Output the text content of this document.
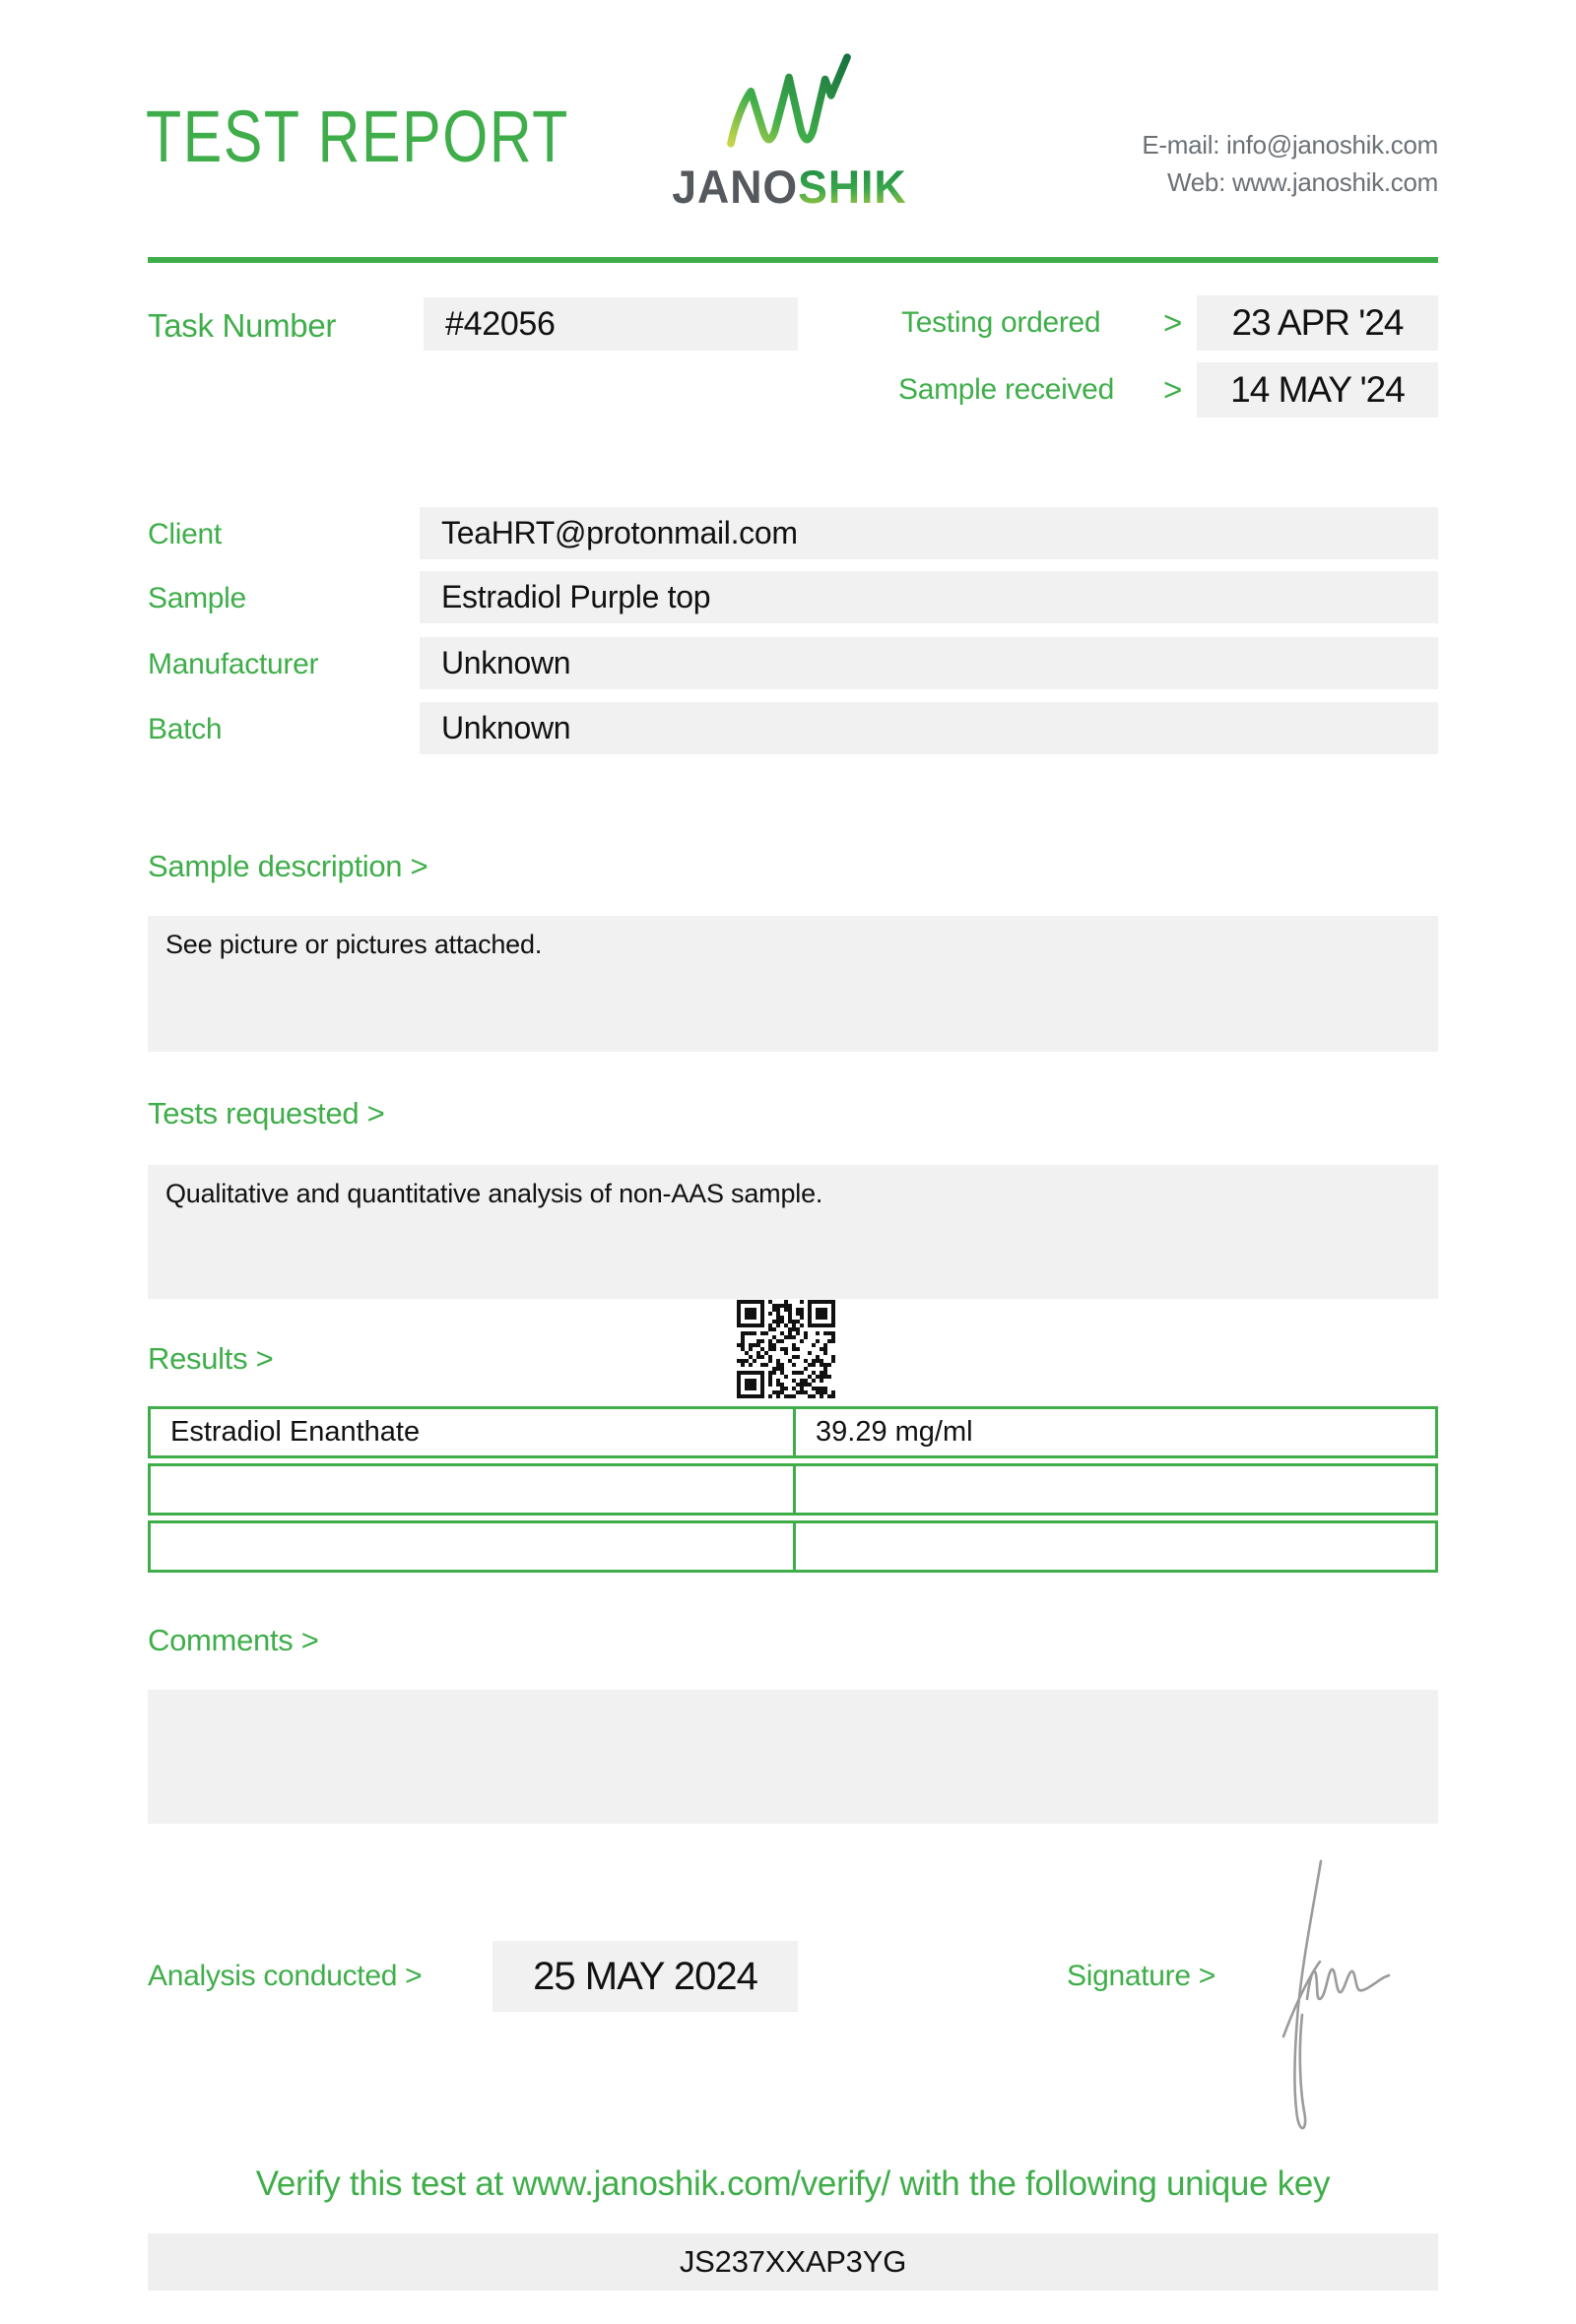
TEST REPORT
JANOSHIK
E-mail: info@janoshik.com
Web: www.janoshik.com
Task Number	#42056	Testing ordered >	23 APR '24
Sample received >	14 MAY '24
Client	TeaHRT@protonmail.com
Sample	Estradiol Purple top
Manufacturer	Unknown
Batch	Unknown
Sample description >
See picture or pictures attached.
Tests requested >
Qualitative and quantitative analysis of non-AAS sample.
Results >
Estradiol Enanthate	39.29 mg/ml
Comments >
Analysis conducted >	25 MAY 2024	Signature >
Verify this test at www.janoshik.com/verify/ with the following unique key
JS237XXAP3YG
